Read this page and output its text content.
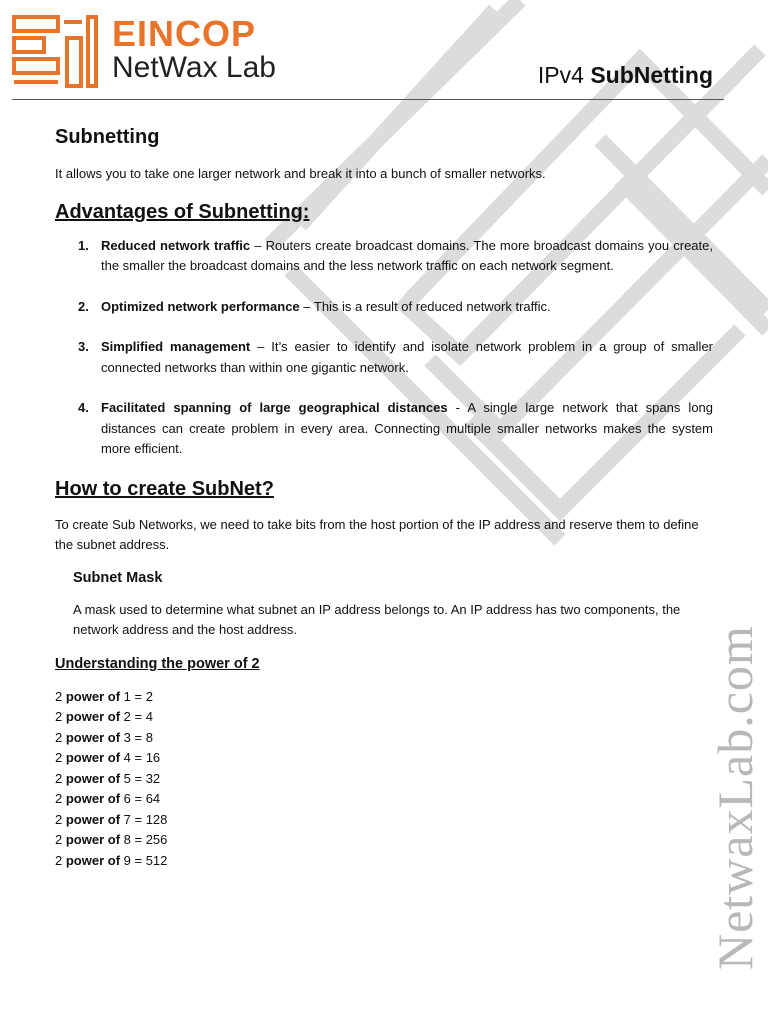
EINCOP
NetWax Lab	IPv4 SubNetting
Subnetting

It allows you to take one larger network and break it into a bunch of smaller networks.

Advantages of Subnetting:
1. Reduced network traffic – Routers create broadcast domains. The more broadcast domains you create, the smaller the broadcast domains and the less network traffic on each network segment.
2. Optimized network performance – This is a result of reduced network traffic.
3. Simplified management – It’s easier to identify and isolate network problem in a group of smaller connected networks than within one gigantic network.
4. Facilitated spanning of large geographical distances - A single large network that spans long distances can create problem in every area. Connecting multiple smaller networks makes the system more efficient.
How to create SubNet?

To create Sub Networks, we need to take bits from the host portion of the IP address and reserve them to define the subnet address.

Subnet Mask

A mask used to determine what subnet an IP address belongs to. An IP address has two components, the network address and the host address.

Understanding the power of 2
2 power of 1 = 2
2 power of 2 = 4
2 power of 3 = 8
2 power of 4 = 16
2 power of 5 = 32
2 power of 6 = 64
2 power of 7 = 128
2 power of 8 = 256
2 power of 9 = 512	NetwaxLab.com
